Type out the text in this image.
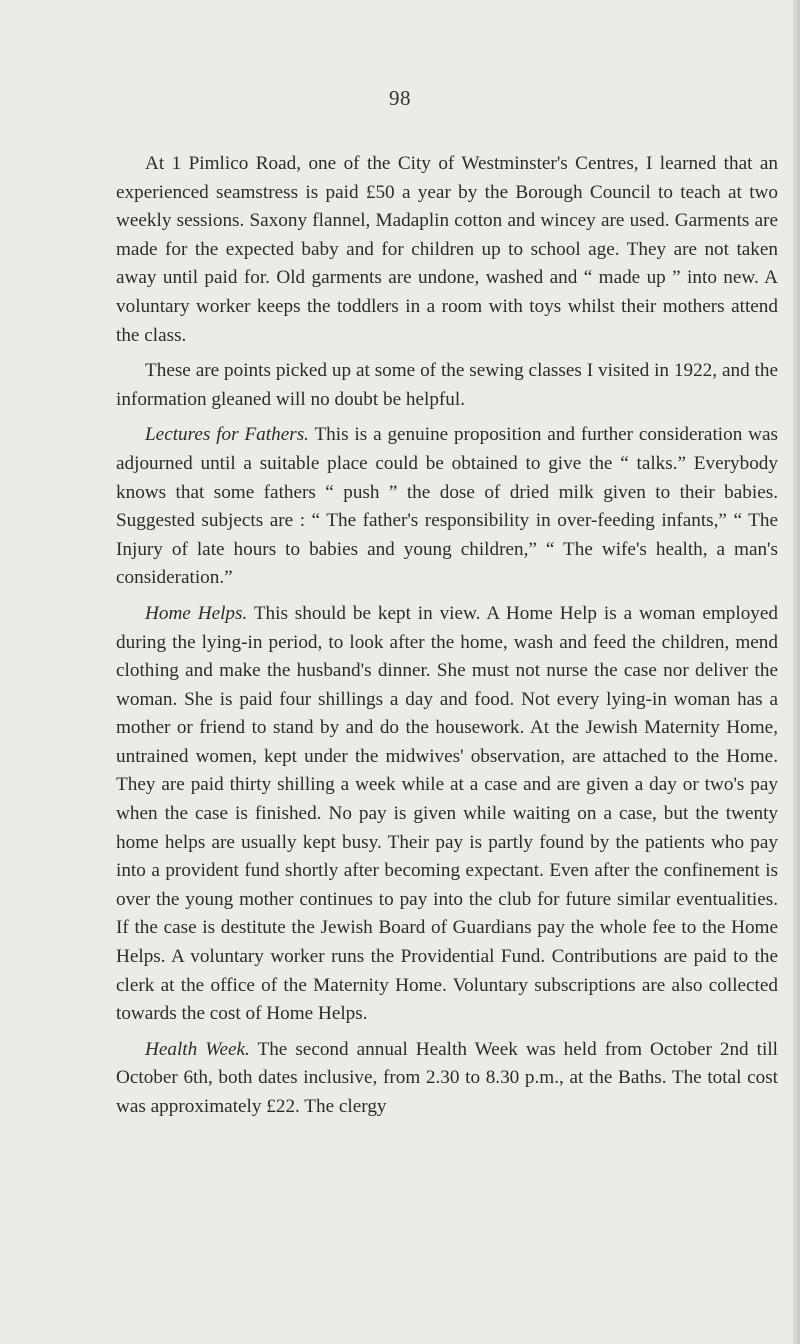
98

At 1 Pimlico Road, one of the City of Westminster's Centres, I learned that an experienced seamstress is paid £50 a year by the Borough Council to teach at two weekly sessions. Saxony flannel, Madaplin cotton and wincey are used. Garments are made for the expected baby and for children up to school age. They are not taken away until paid for. Old garments are undone, washed and “ made up ” into new. A voluntary worker keeps the toddlers in a room with toys whilst their mothers attend the class.

These are points picked up at some of the sewing classes I visited in 1922, and the information gleaned will no doubt be helpful.

Lectures for Fathers. This is a genuine proposition and further consideration was adjourned until a suitable place could be obtained to give the “ talks.” Everybody knows that some fathers “ push ” the dose of dried milk given to their babies. Suggested subjects are : “ The father's responsibility in over-feeding infants,” “ The Injury of late hours to babies and young children,” “ The wife's health, a man's consideration.”

Home Helps. This should be kept in view. A Home Help is a woman employed during the lying-in period, to look after the home, wash and feed the children, mend clothing and make the husband's dinner. She must not nurse the case nor deliver the woman. She is paid four shillings a day and food. Not every lying-in woman has a mother or friend to stand by and do the housework. At the Jewish Maternity Home, untrained women, kept under the midwives' observation, are attached to the Home. They are paid thirty shilling a week while at a case and are given a day or two's pay when the case is finished. No pay is given while waiting on a case, but the twenty home helps are usually kept busy. Their pay is partly found by the patients who pay into a provident fund shortly after becoming expectant. Even after the confinement is over the young mother continues to pay into the club for future similar eventualities. If the case is destitute the Jewish Board of Guardians pay the whole fee to the Home Helps. A voluntary worker runs the Providential Fund. Contributions are paid to the clerk at the office of the Maternity Home. Voluntary subscriptions are also collected towards the cost of Home Helps.

Health Week. The second annual Health Week was held from October 2nd till October 6th, both dates inclusive, from 2.30 to 8.30 p.m., at the Baths. The total cost was approximately £22. The clergy
